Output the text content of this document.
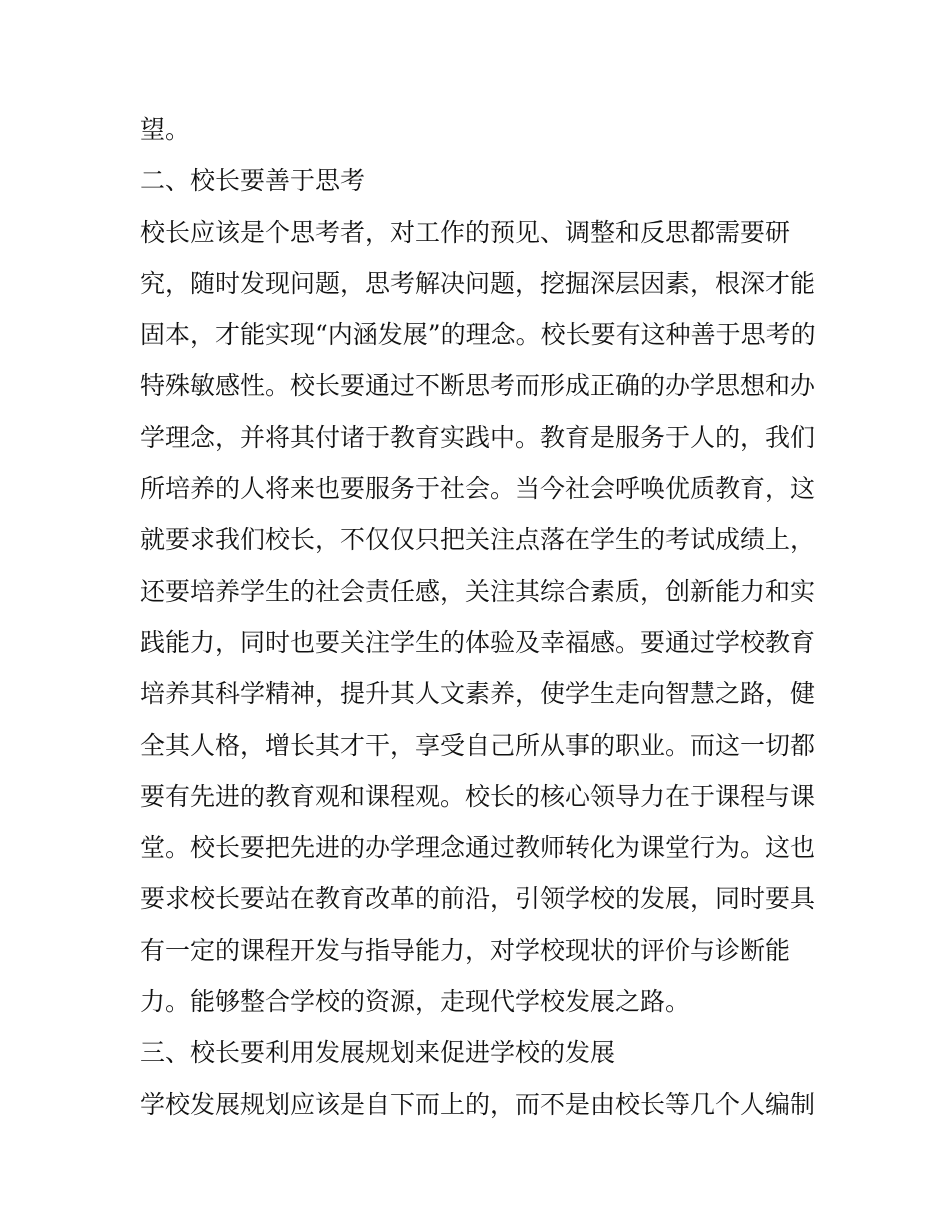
望。
二、校长要善于思考
校长应该是个思考者，对工作的预见、调整和反思都需要研
究，随时发现问题，思考解决问题，挖掘深层因素，根深才能
固本，才能实现“内涵发展”的理念。校长要有这种善于思考的
特殊敏感性。校长要通过不断思考而形成正确的办学思想和办
学理念，并将其付诸于教育实践中。教育是服务于人的，我们
所培养的人将来也要服务于社会。当今社会呼唤优质教育，这
就要求我们校长，不仅仅只把关注点落在学生的考试成绩上，
还要培养学生的社会责任感，关注其综合素质，创新能力和实
践能力，同时也要关注学生的体验及幸福感。要通过学校教育
培养其科学精神，提升其人文素养，使学生走向智慧之路，健
全其人格，增长其才干，享受自己所从事的职业。而这一切都
要有先进的教育观和课程观。校长的核心领导力在于课程与课
堂。校长要把先进的办学理念通过教师转化为课堂行为。这也
要求校长要站在教育改革的前沿，引领学校的发展，同时要具
有一定的课程开发与指导能力，对学校现状的评价与诊断能
力。能够整合学校的资源，走现代学校发展之路。
三、校长要利用发展规划来促进学校的发展
学校发展规划应该是自下而上的，而不是由校长等几个人编制
